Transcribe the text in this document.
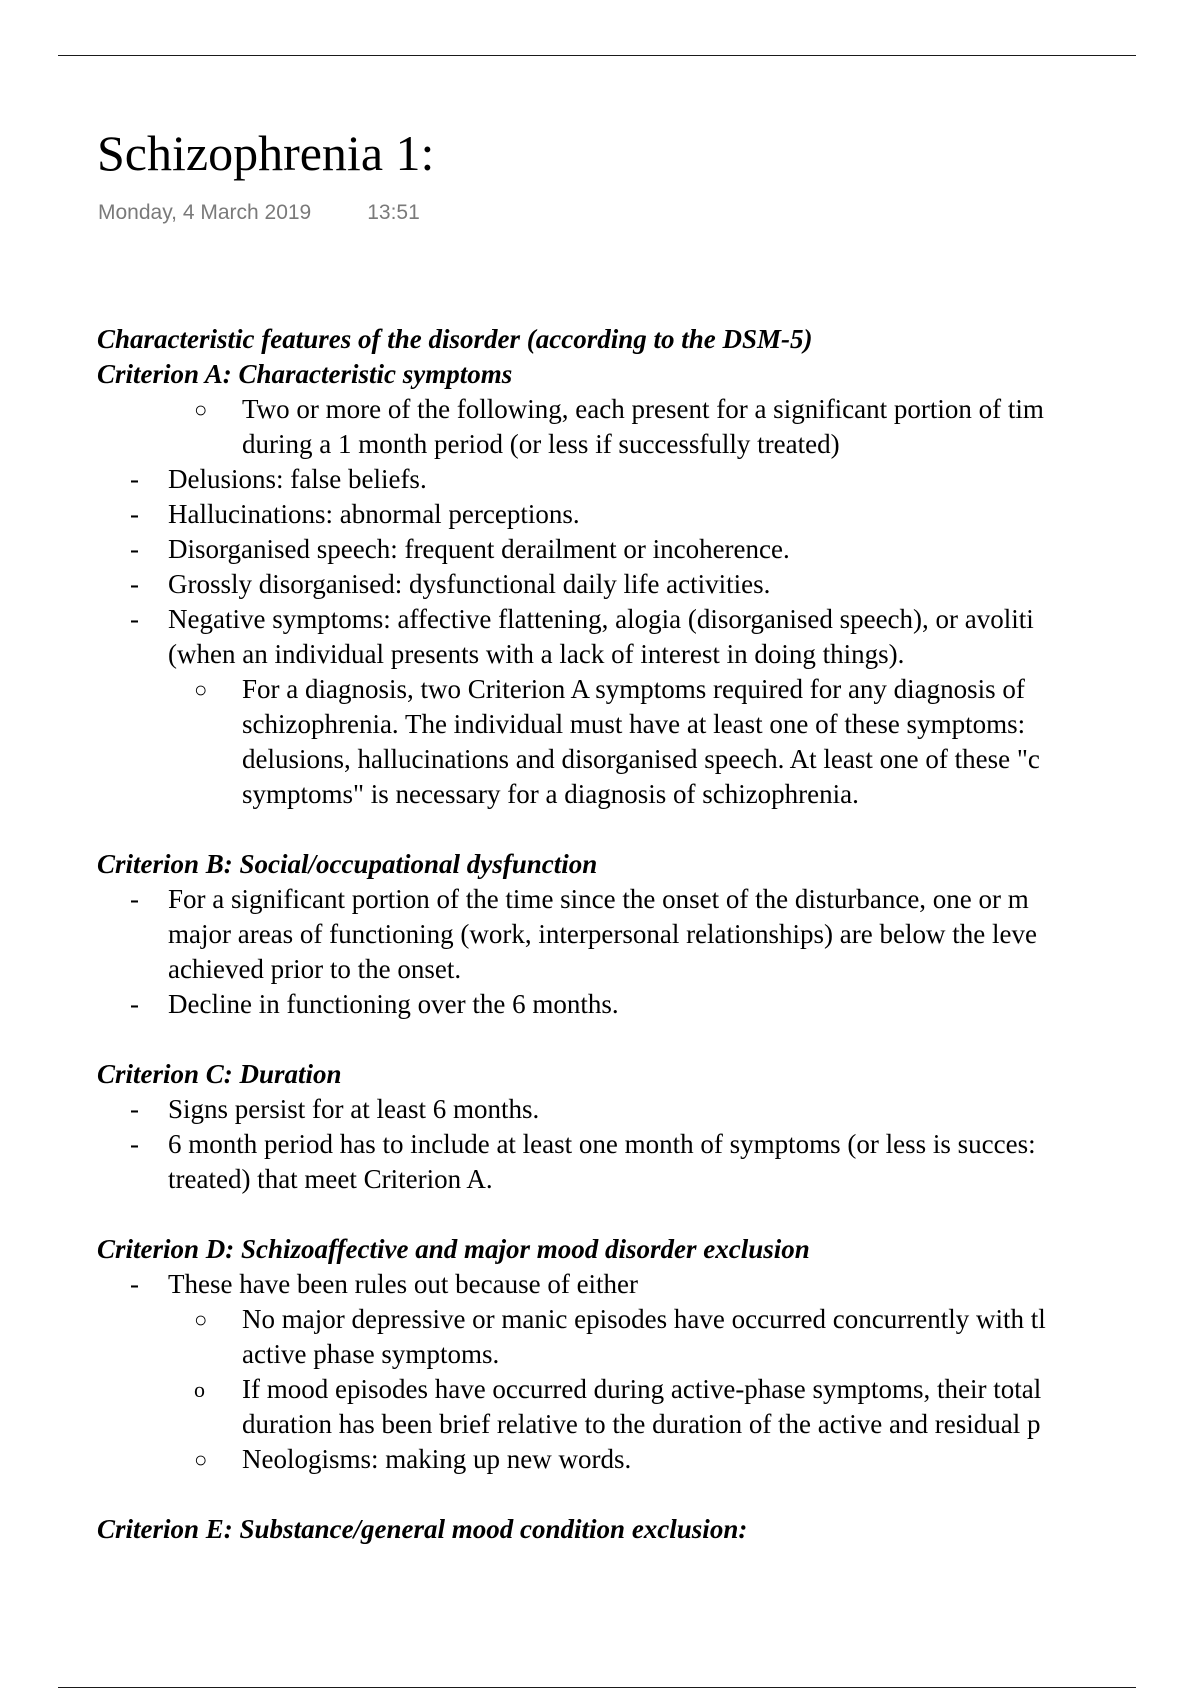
Schizophrenia 1:
Monday, 4 March 2019	13:51
Characteristic features of the disorder (according to the DSM-5)
Criterion A: Characteristic symptoms
○ Two or more of the following, each present for a significant portion of tim
during a 1 month period (or less if successfully treated)
- Delusions: false beliefs.
- Hallucinations: abnormal perceptions.
- Disorganised speech: frequent derailment or incoherence.
- Grossly disorganised: dysfunctional daily life activities.
- Negative symptoms: affective flattening, alogia (disorganised speech), or avoliti
(when an individual presents with a lack of interest in doing things).
○ For a diagnosis, two Criterion A symptoms required for any diagnosis of
schizophrenia. The individual must have at least one of these symptoms:
delusions, hallucinations and disorganised speech. At least one of these "c
symptoms" is necessary for a diagnosis of schizophrenia.
Criterion B: Social/occupational dysfunction
- For a significant portion of the time since the onset of the disturbance, one or m
major areas of functioning (work, interpersonal relationships) are below the leve
achieved prior to the onset.
- Decline in functioning over the 6 months.
Criterion C: Duration
- Signs persist for at least 6 months.
- 6 month period has to include at least one month of symptoms (or less is succes:
treated) that meet Criterion A.
Criterion D: Schizoaffective and major mood disorder exclusion
- These have been rules out because of either
○ No major depressive or manic episodes have occurred concurrently with tl
active phase symptoms.
o If mood episodes have occurred during active-phase symptoms, their total
duration has been brief relative to the duration of the active and residual p
○ Neologisms: making up new words.
Criterion E: Substance/general mood condition exclusion:
